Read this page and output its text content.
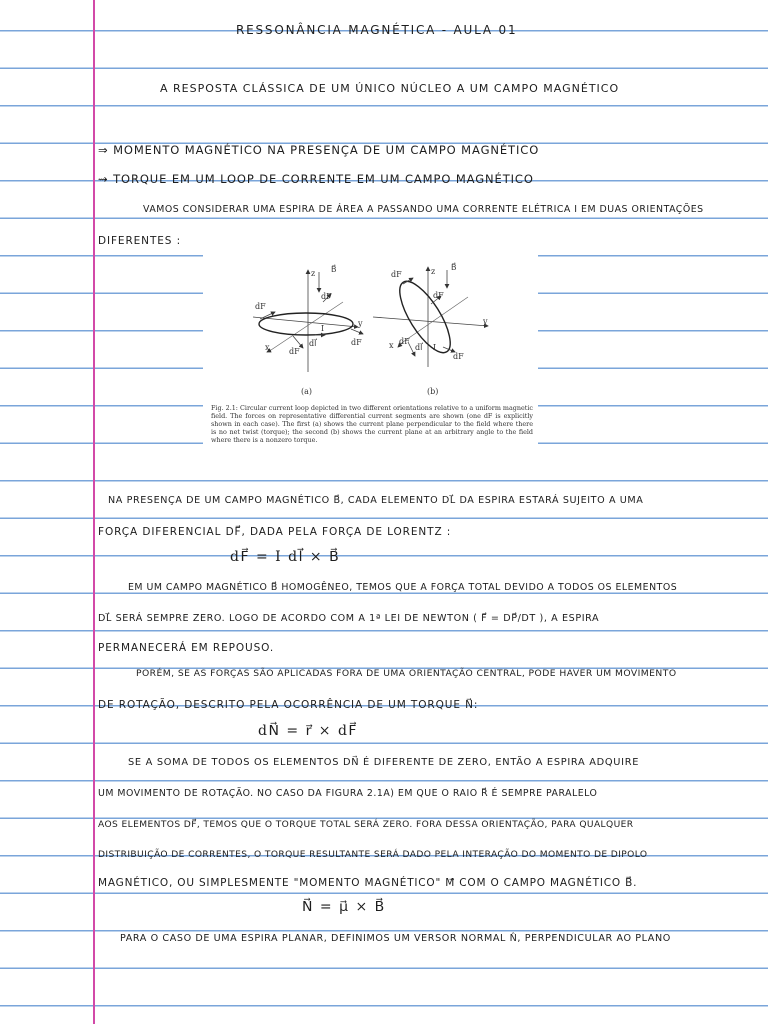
RESSONÂNCIA MAGNÉTICA - AULA 01
A RESPOSTA CLÁSSICA DE UM ÚNICO NÚCLEO A UM CAMPO MAGNÉTICO
⇒ MOMENTO MAGNÉTICO NA PRESENÇA DE UM CAMPO MAGNÉTICO
⇝ TORQUE EM UM LOOP DE CORRENTE EM UM CAMPO MAGNÉTICO
VAMOS CONSIDERAR UMA ESPIRA DE ÁREA A PASSANDO UMA CORRENTE ELÉTRICA I EM DUAS ORIENTAÇÕES
DIFERENTES :
z B⃗
dF
dF
y
I
x	dl⃗
dF
dF
(a)
z B⃗
dF
dF
y
x dF
dl⃗ I
dF
(b)
Fig. 2.1: Circular current loop depicted in two different orientations relative to a uniform magnetic field. The forces on representative differential current segments are shown (one dF is explicitly shown in each case). The first (a) shows the current plane perpendicular to the field where there is no net twist (torque); the second (b) shows the current plane at an arbitrary angle to the field where there is a nonzero torque.
NA PRESENÇA DE UM CAMPO MAGNÉTICO B⃗, CADA ELEMENTO DL⃗ DA ESPIRA ESTARÁ SUJEITO A UMA
FORÇA DIFERENCIAL DF⃗, DADA PELA FORÇA DE LORENTZ :
dF⃗ = I dl⃗ × B⃗
EM UM CAMPO MAGNÉTICO B⃗ HOMOGÊNEO, TEMOS QUE A FORÇA TOTAL DEVIDO A TODOS OS ELEMENTOS
DL⃗ SERÁ SEMPRE ZERO. LOGO DE ACORDO COM A 1ª LEI DE NEWTON ( F⃗ = DP⃗/DT ), A ESPIRA
PERMANECERÁ EM REPOUSO.
PORÉM, SE AS FORÇAS SÃO APLICADAS FORA DE UMA ORIENTAÇÃO CENTRAL, PODE HAVER UM MOVIMENTO
DE ROTAÇÃO, DESCRITO PELA OCORRÊNCIA DE UM TORQUE N⃗:
dN⃗ = r⃗ × dF⃗
SE A SOMA DE TODOS OS ELEMENTOS DN⃗ É DIFERENTE DE ZERO, ENTÃO A ESPIRA ADQUIRE
UM MOVIMENTO DE ROTAÇÃO. NO CASO DA FIGURA 2.1A) EM QUE O RAIO R⃗ É SEMPRE PARALELO
AOS ELEMENTOS DF⃗, TEMOS QUE O TORQUE TOTAL SERÁ ZERO. FORA DESSA ORIENTAÇÃO, PARA QUALQUER
DISTRIBUIÇÃO DE CORRENTES, O TORQUE RESULTANTE SERÁ DADO PELA INTERAÇÃO DO MOMENTO DE DIPOLO
MAGNÉTICO, OU SIMPLESMENTE "MOMENTO MAGNÉTICO" Μ⃗ COM O CAMPO MAGNÉTICO B⃗.
N⃗ = μ⃗ × B⃗
PARA O CASO DE UMA ESPIRA PLANAR, DEFINIMOS UM VERSOR NORMAL N̂, PERPENDICULAR AO PLANO
